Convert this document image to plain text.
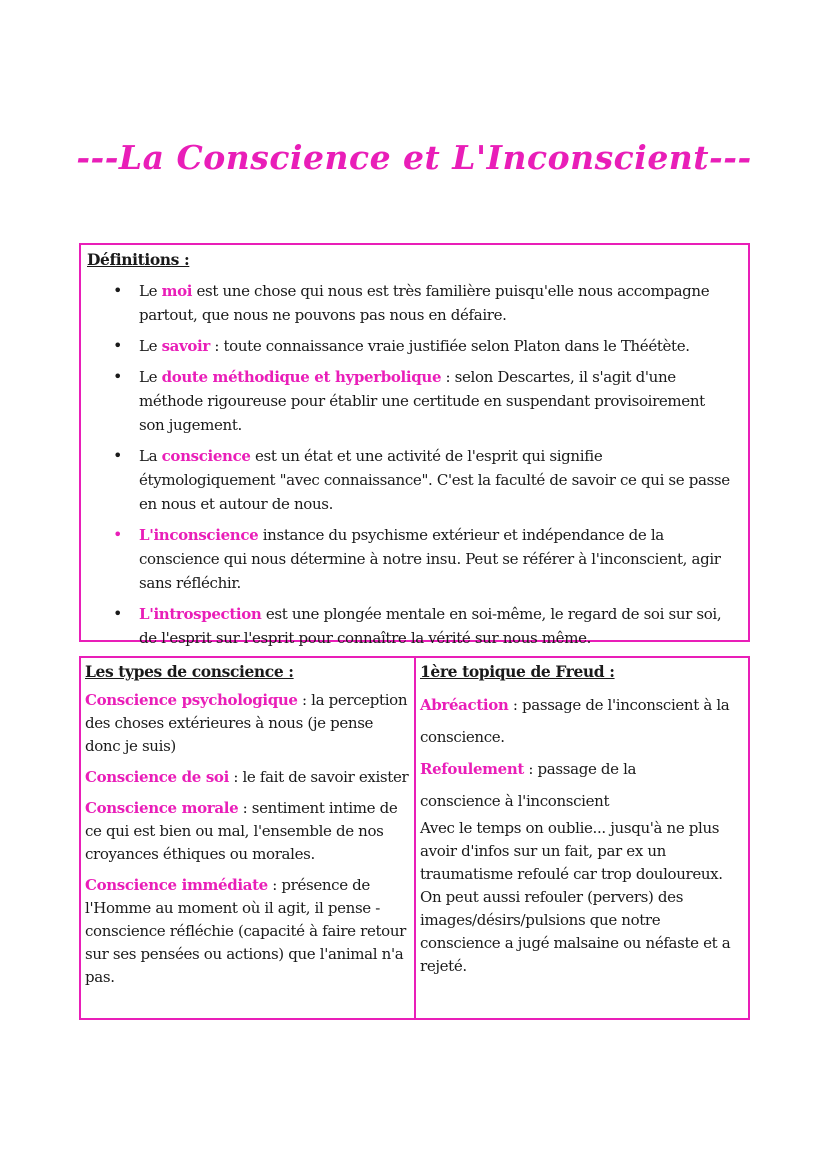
---La Conscience et L'Inconscient---
Définitions :
• Le moi est une chose qui nous est très familière puisqu'elle nous accompagne partout, que nous ne pouvons pas nous en défaire.
• Le savoir : toute connaissance vraie justifiée selon Platon dans le Théétète.
• Le doute méthodique et hyperbolique : selon Descartes, il s'agit d'une méthode rigoureuse pour établir une certitude en suspendant provisoirement son jugement.
• La conscience est un état et une activité de l'esprit qui signifie étymologiquement "avec connaissance". C'est la faculté de savoir ce qui se passe en nous et autour de nous.
• L'inconscience instance du psychisme extérieur et indépendance de la conscience qui nous détermine à notre insu. Peut se référer à l'inconscient, agir sans réfléchir.
• L'introspection est une plongée mentale en soi-même, le regard de soi sur soi, de l'esprit sur l'esprit pour connaître la vérité sur nous même.
Les types de conscience :

Conscience psychologique : la perception des choses extérieures à nous (je pense donc je suis)

Conscience de soi : le fait de savoir exister

Conscience morale : sentiment intime de ce qui est bien ou mal, l'ensemble de nos croyances éthiques ou morales.

Conscience immédiate : présence de l'Homme au moment où il agit, il pense - conscience réfléchie (capacité à faire retour sur ses pensées ou actions) que l'animal n'a pas.

1ère topique de Freud :

Abréaction : passage de l'inconscient à la

conscience.

Refoulement : passage de la

conscience à l'inconscient

Avec le temps on oublie... jusqu'à ne plus avoir d'infos sur un fait, par ex un traumatisme refoulé car trop douloureux. On peut aussi refouler (pervers) des images/désirs/pulsions que notre conscience a jugé malsaine ou néfaste et a rejeté.
